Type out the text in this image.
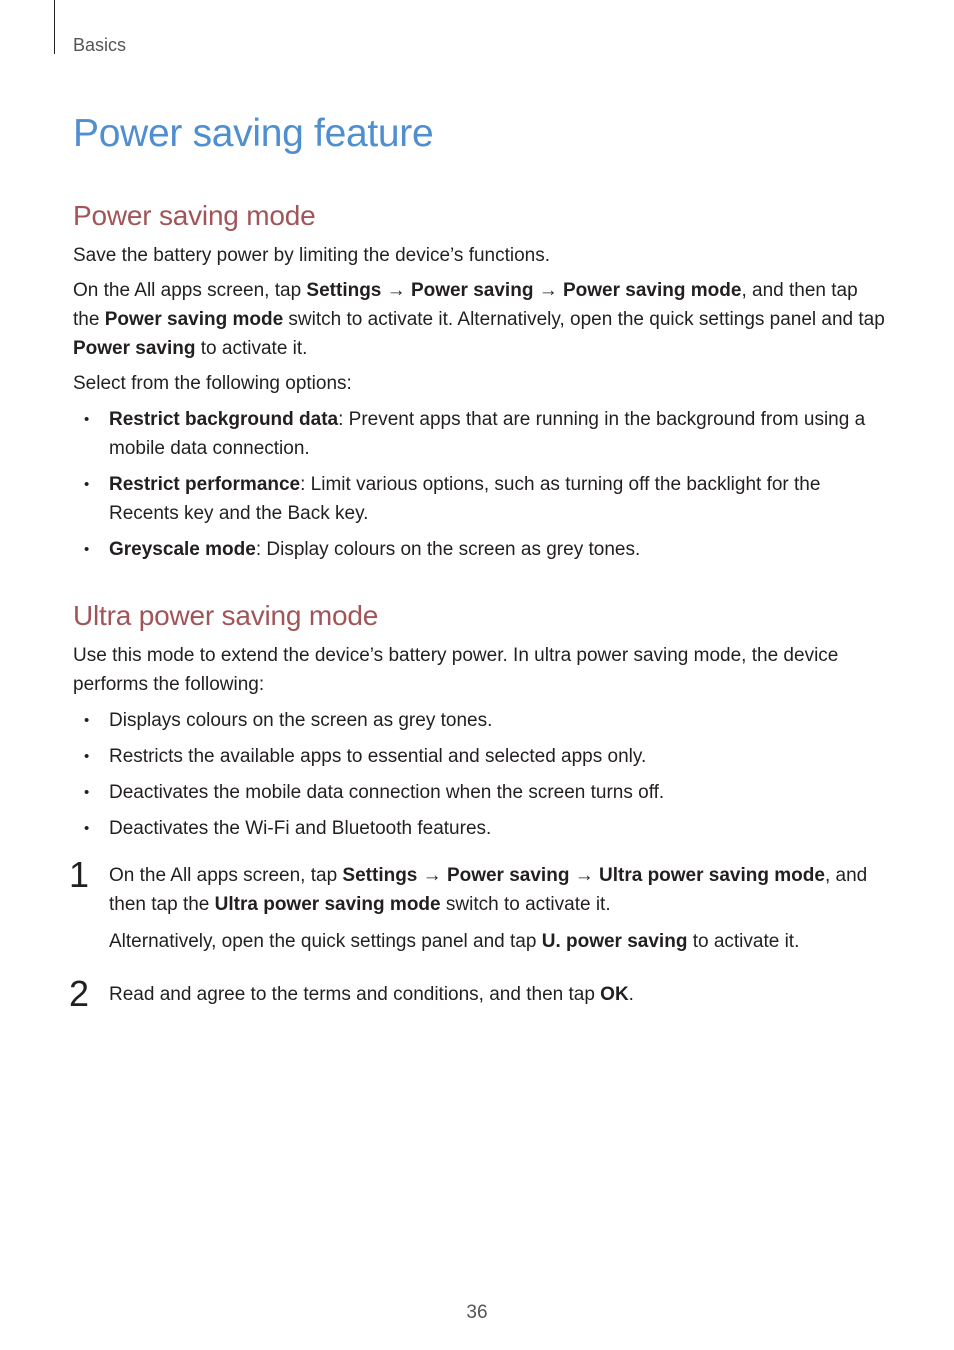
Basics
Power saving feature
Power saving mode

Save the battery power by limiting the device’s functions.

On the All apps screen, tap Settings → Power saving → Power saving mode, and then tap the Power saving mode switch to activate it. Alternatively, open the quick settings panel and tap Power saving to activate it.

Select from the following options:

• Restrict background data: Prevent apps that are running in the background from using a mobile data connection.
• Restrict performance: Limit various options, such as turning off the backlight for the Recents key and the Back key.
• Greyscale mode: Display colours on the screen as grey tones.
Ultra power saving mode

Use this mode to extend the device’s battery power. In ultra power saving mode, the device performs the following:

• Displays colours on the screen as grey tones.
• Restricts the available apps to essential and selected apps only.
• Deactivates the mobile data connection when the screen turns off.
• Deactivates the Wi-Fi and Bluetooth features.
1 On the All apps screen, tap Settings → Power saving → Ultra power saving mode, and then tap the Ultra power saving mode switch to activate it.

Alternatively, open the quick settings panel and tap U. power saving to activate it.

2 Read and agree to the terms and conditions, and then tap OK.

36
